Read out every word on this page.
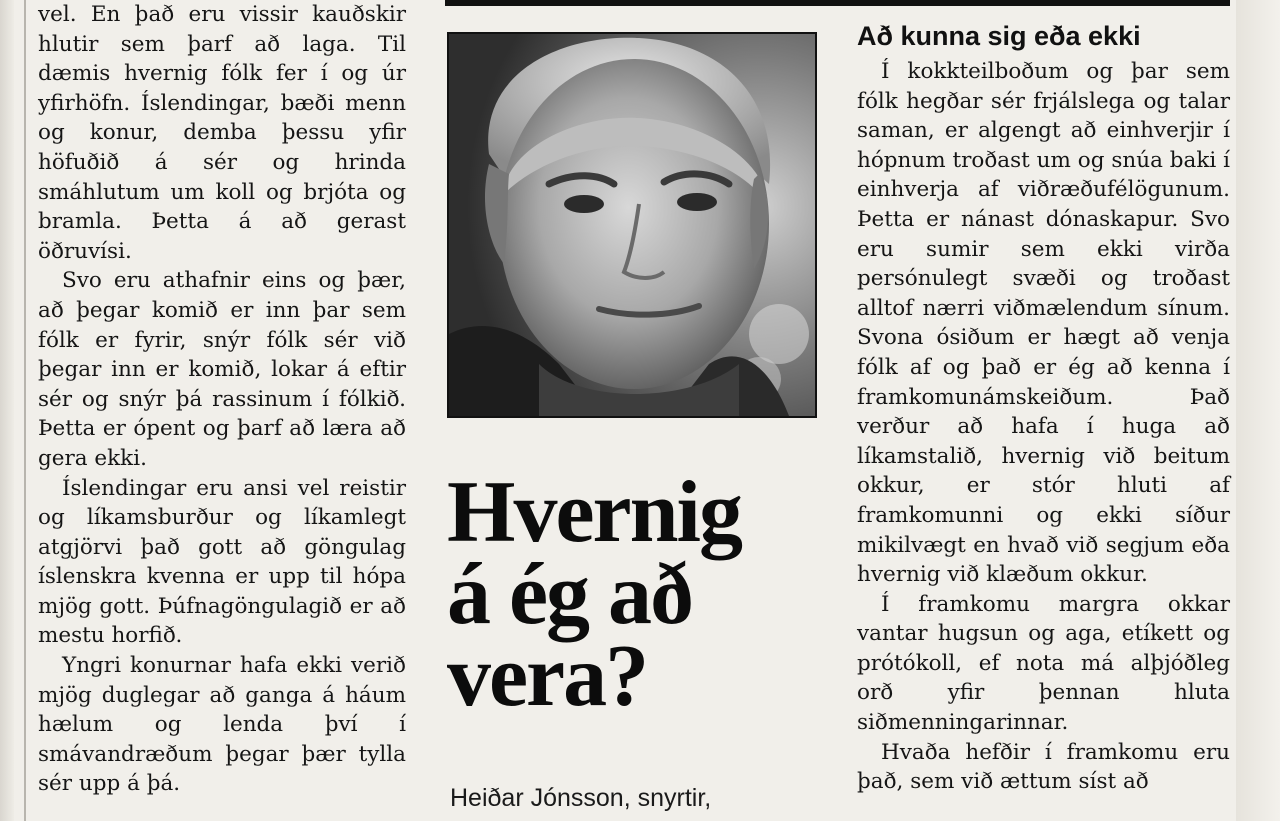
vel. En það eru vissir kauðskir hlutir sem þarf að laga. Til dæmis hvernig fólk fer í og úr yfirhöfn. Íslendingar, bæði menn og konur, demba þessu yfir höfuðið á sér og hrinda smáhlutum um koll og brjóta og bramla. Þetta á að gerast öðruvísi.

Svo eru athafnir eins og þær, að þegar komið er inn þar sem fólk er fyrir, snýr fólk sér við þegar inn er komið, lokar á eftir sér og snýr þá rassinum í fólkið. Þetta er ópent og þarf að læra að gera ekki.

Íslendingar eru ansi vel reistir og líkamsburður og líkamlegt atgjörvi það gott að göngulag íslenskra kvenna er upp til hópa mjög gott. Þúfnagöngulagið er að mestu horfið.

Yngri konurnar hafa ekki verið mjög duglegar að ganga á háum hælum og lenda því í smávandræðum þegar þær tylla sér upp á þá.

Hvernig
á ég að
vera?
Heiðar Jónsson, snyrtir,
Að kunna sig eða ekki

Í kokkteilboðum og þar sem fólk hegðar sér frjálslega og talar saman, er algengt að einhverjir í hópnum troðast um og snúa baki í einhverja af viðræðufélögunum. Þetta er nánast dónaskapur. Svo eru sumir sem ekki virða persónulegt svæði og troðast alltof nærri viðmælendum sínum. Svona ósiðum er hægt að venja fólk af og það er ég að kenna í framkomunámskeiðum. Það verður að hafa í huga að líkamstalið, hvernig við beitum okkur, er stór hluti af framkomunni og ekki síður mikilvægt en hvað við segjum eða hvernig við klæðum okkur.

Í framkomu margra okkar vantar hugsun og aga, etíkett og prótókoll, ef nota má alþjóðleg orð yfir þennan hluta siðmenningarinnar.

Hvaða hefðir í framkomu eru það, sem við ættum síst að
